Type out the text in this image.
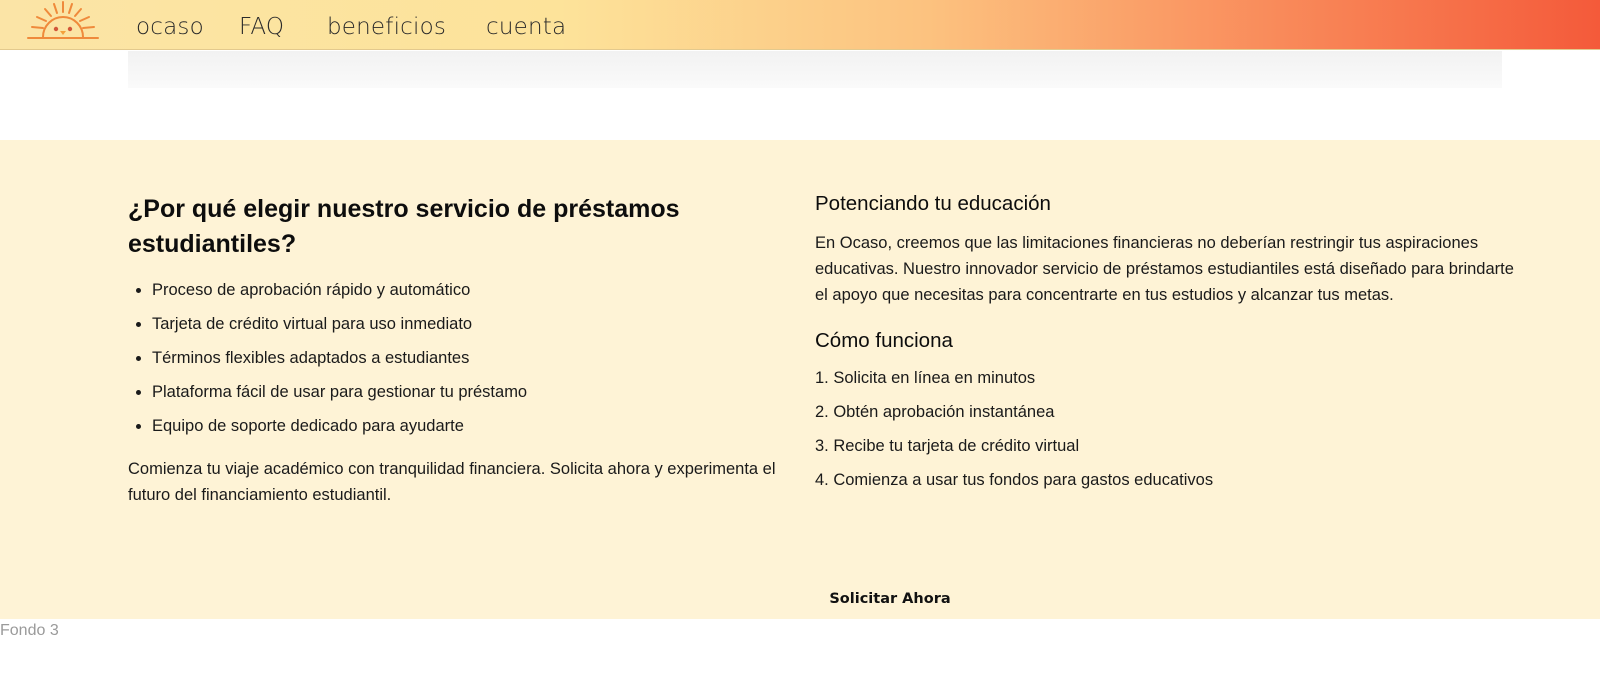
ocaso FAQ beneficios cuenta
¿Por qué elegir nuestro servicio de préstamos estudiantiles?
• Proceso de aprobación rápido y automático
• Tarjeta de crédito virtual para uso inmediato
• Términos flexibles adaptados a estudiantes
• Plataforma fácil de usar para gestionar tu préstamo
• Equipo de soporte dedicado para ayudarte

Comienza tu viaje académico con tranquilidad financiera. Solicita ahora y experimenta el futuro del financiamiento estudiantil.

Potenciando tu educación

En Ocaso, creemos que las limitaciones financieras no deberían restringir tus aspiraciones educativas. Nuestro innovador servicio de préstamos estudiantiles está diseñado para brindarte el apoyo que necesitas para concentrarte en tus estudios y alcanzar tus metas.

Cómo funciona
1. Solicita en línea en minutos
2. Obtén aprobación instantánea
3. Recibe tu tarjeta de crédito virtual
4. Comienza a usar tus fondos para gastos educativos
Solicitar Ahora
Fondo 3
